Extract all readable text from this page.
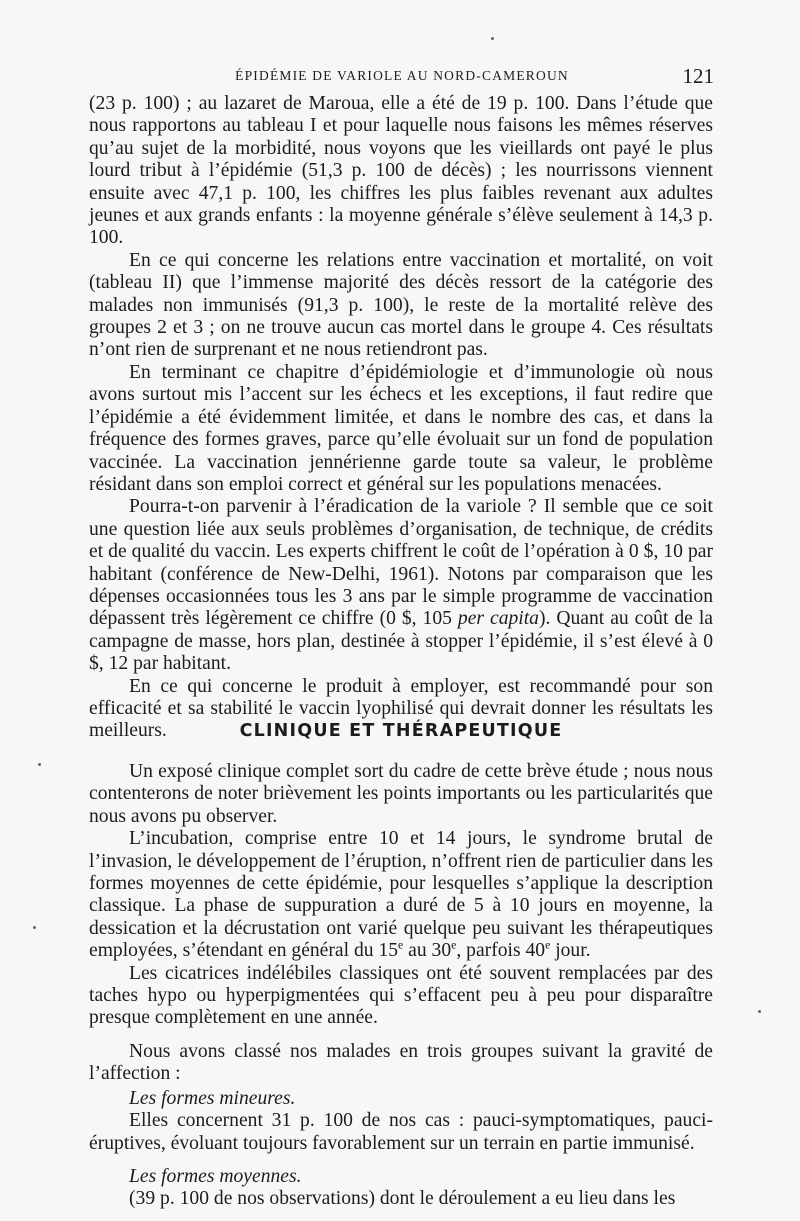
ÉPIDÉMIE DE VARIOLE AU NORD-CAMEROUN	121

(23 p. 100) ; au lazaret de Maroua, elle a été de 19 p. 100. Dans l’étude que nous rapportons au tableau I et pour laquelle nous faisons les mêmes réserves qu’au sujet de la morbidité, nous voyons que les vieillards ont payé le plus lourd tribut à l’épidémie (51,3 p. 100 de décès) ; les nourrissons viennent ensuite avec 47,1 p. 100, les chiffres les plus faibles revenant aux adultes jeunes et aux grands enfants : la moyenne générale s’élève seulement à 14,3 p. 100.

En ce qui concerne les relations entre vaccination et mortalité, on voit (tableau II) que l’immense majorité des décès ressort de la catégorie des malades non immunisés (91,3 p. 100), le reste de la mortalité relève des groupes 2 et 3 ; on ne trouve aucun cas mortel dans le groupe 4. Ces résultats n’ont rien de surprenant et ne nous retiendront pas.

En terminant ce chapitre d’épidémiologie et d’immunologie où nous avons surtout mis l’accent sur les échecs et les exceptions, il faut redire que l’épidémie a été évidemment limitée, et dans le nombre des cas, et dans la fréquence des formes graves, parce qu’elle évoluait sur un fond de population vaccinée. La vaccination jennérienne garde toute sa valeur, le problème résidant dans son emploi correct et général sur les populations menacées.

Pourra-t-on parvenir à l’éradication de la variole ? Il semble que ce soit une question liée aux seuls problèmes d’organisation, de technique, de crédits et de qualité du vaccin. Les experts chiffrent le coût de l’opération à 0 $, 10 par habitant (conférence de New-Delhi, 1961). Notons par comparaison que les dépenses occasionnées tous les 3 ans par le simple programme de vaccination dépassent très légèrement ce chiffre (0 $, 105 per capita). Quant au coût de la campagne de masse, hors plan, destinée à stopper l’épidémie, il s’est élevé à 0 $, 12 par habitant.

En ce qui concerne le produit à employer, est recommandé pour son efficacité et sa stabilité le vaccin lyophilisé qui devrait donner les résultats les meilleurs.	CLINIQUE ET THÉRAPEUTIQUE

Un exposé clinique complet sort du cadre de cette brève étude ; nous nous contenterons de noter brièvement les points importants ou les particularités que nous avons pu observer.

L’incubation, comprise entre 10 et 14 jours, le syndrome brutal de l’invasion, le développement de l’éruption, n’offrent rien de particulier dans les formes moyennes de cette épidémie, pour lesquelles s’applique la description classique. La phase de suppuration a duré de 5 à 10 jours en moyenne, la dessication et la décrustation ont varié quelque peu suivant les thérapeutiques employées, s’étendant en général du 15e au 30e, parfois 40e jour.

Les cicatrices indélébiles classiques ont été souvent remplacées par des taches hypo ou hyperpigmentées qui s’effacent peu à peu pour disparaître presque complètement en une année.

Nous avons classé nos malades en trois groupes suivant la gravité de l’affection :

Les formes mineures.

Elles concernent 31 p. 100 de nos cas : pauci-symptomatiques, pauci-éruptives, évoluant toujours favorablement sur un terrain en partie immunisé.

Les formes moyennes.

(39 p. 100 de nos observations) dont le déroulement a eu lieu dans les
